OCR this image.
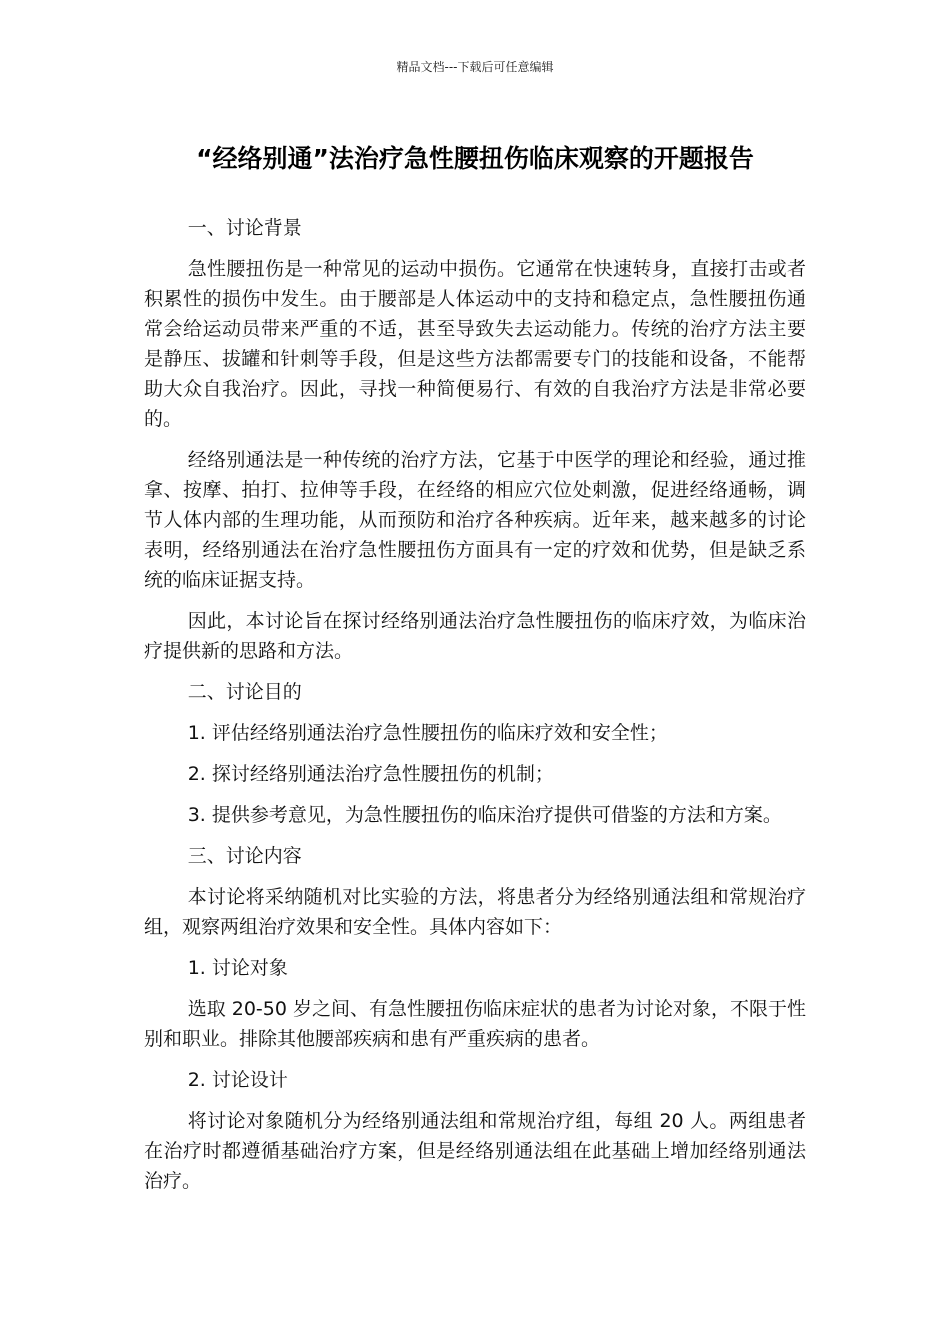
精品文档---下载后可任意编辑
“经络别通”法治疗急性腰扭伤临床观察的开题报告

一、讨论背景

急性腰扭伤是一种常见的运动中损伤。它通常在快速转身，直接打击或者积累性的损伤中发生。由于腰部是人体运动中的支持和稳定点，急性腰扭伤通常会给运动员带来严重的不适，甚至导致失去运动能力。传统的治疗方法主要是静压、拔罐和针刺等手段，但是这些方法都需要专门的技能和设备，不能帮助大众自我治疗。因此，寻找一种简便易行、有效的自我治疗方法是非常必要的。

经络别通法是一种传统的治疗方法，它基于中医学的理论和经验，通过推拿、按摩、拍打、拉伸等手段，在经络的相应穴位处刺激，促进经络通畅，调节人体内部的生理功能，从而预防和治疗各种疾病。近年来，越来越多的讨论表明，经络别通法在治疗急性腰扭伤方面具有一定的疗效和优势，但是缺乏系统的临床证据支持。

因此，本讨论旨在探讨经络别通法治疗急性腰扭伤的临床疗效，为临床治疗提供新的思路和方法。

二、讨论目的

1. 评估经络别通法治疗急性腰扭伤的临床疗效和安全性；

2. 探讨经络别通法治疗急性腰扭伤的机制；

3. 提供参考意见，为急性腰扭伤的临床治疗提供可借鉴的方法和方案。

三、讨论内容

本讨论将采纳随机对比实验的方法，将患者分为经络别通法组和常规治疗组，观察两组治疗效果和安全性。具体内容如下：

1. 讨论对象

选取 20-50 岁之间、有急性腰扭伤临床症状的患者为讨论对象，不限于性别和职业。排除其他腰部疾病和患有严重疾病的患者。

2. 讨论设计

将讨论对象随机分为经络别通法组和常规治疗组，每组 20 人。两组患者在治疗时都遵循基础治疗方案，但是经络别通法组在此基础上增加经络别通法治疗。
